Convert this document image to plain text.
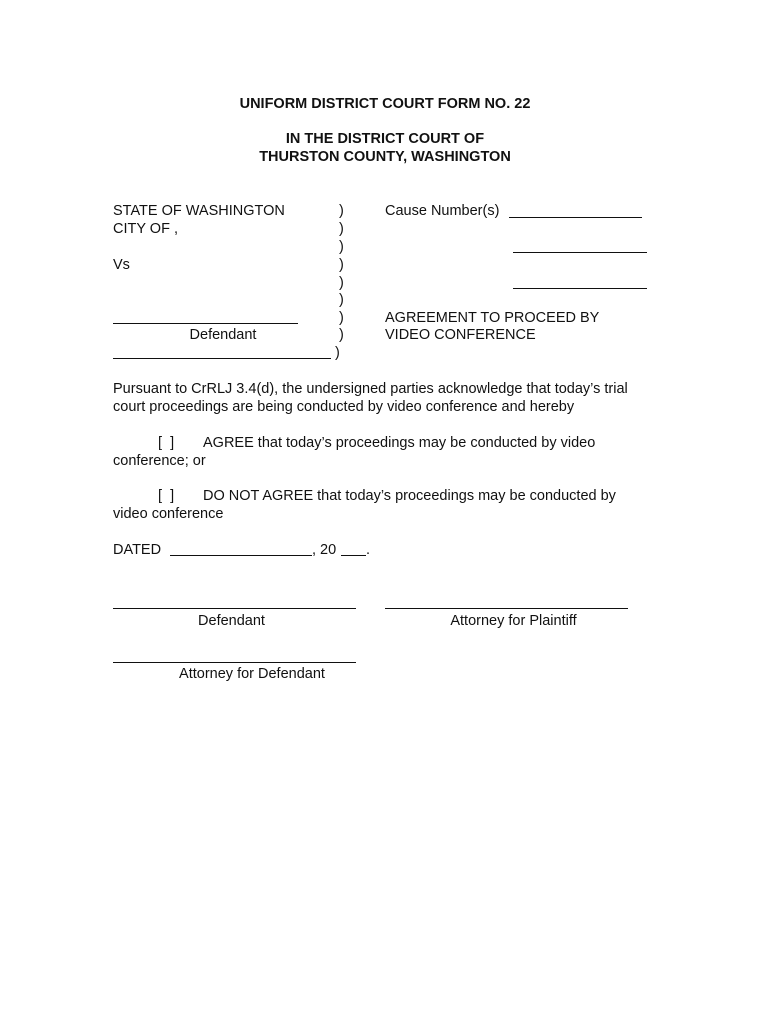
UNIFORM DISTRICT COURT FORM NO. 22
IN THE DISTRICT COURT OF
THURSTON COUNTY, WASHINGTON
STATE OF WASHINGTON
CITY OF ,
Vs
Defendant
)
)
)
)
)
)
)
)
)
Cause Number(s)
AGREEMENT TO PROCEED BY
VIDEO CONFERENCE
Pursuant to CrRLJ 3.4(d), the undersigned parties acknowledge that today’s trial
court proceedings are being conducted by video conference and hereby
[  ] AGREE that today’s proceedings may be conducted by video
conference; or
[  ] DO NOT AGREE that today’s proceedings may be conducted by
video conference
DATED	, 20 .
Defendant	Attorney for Plaintiff
Attorney for Defendant
